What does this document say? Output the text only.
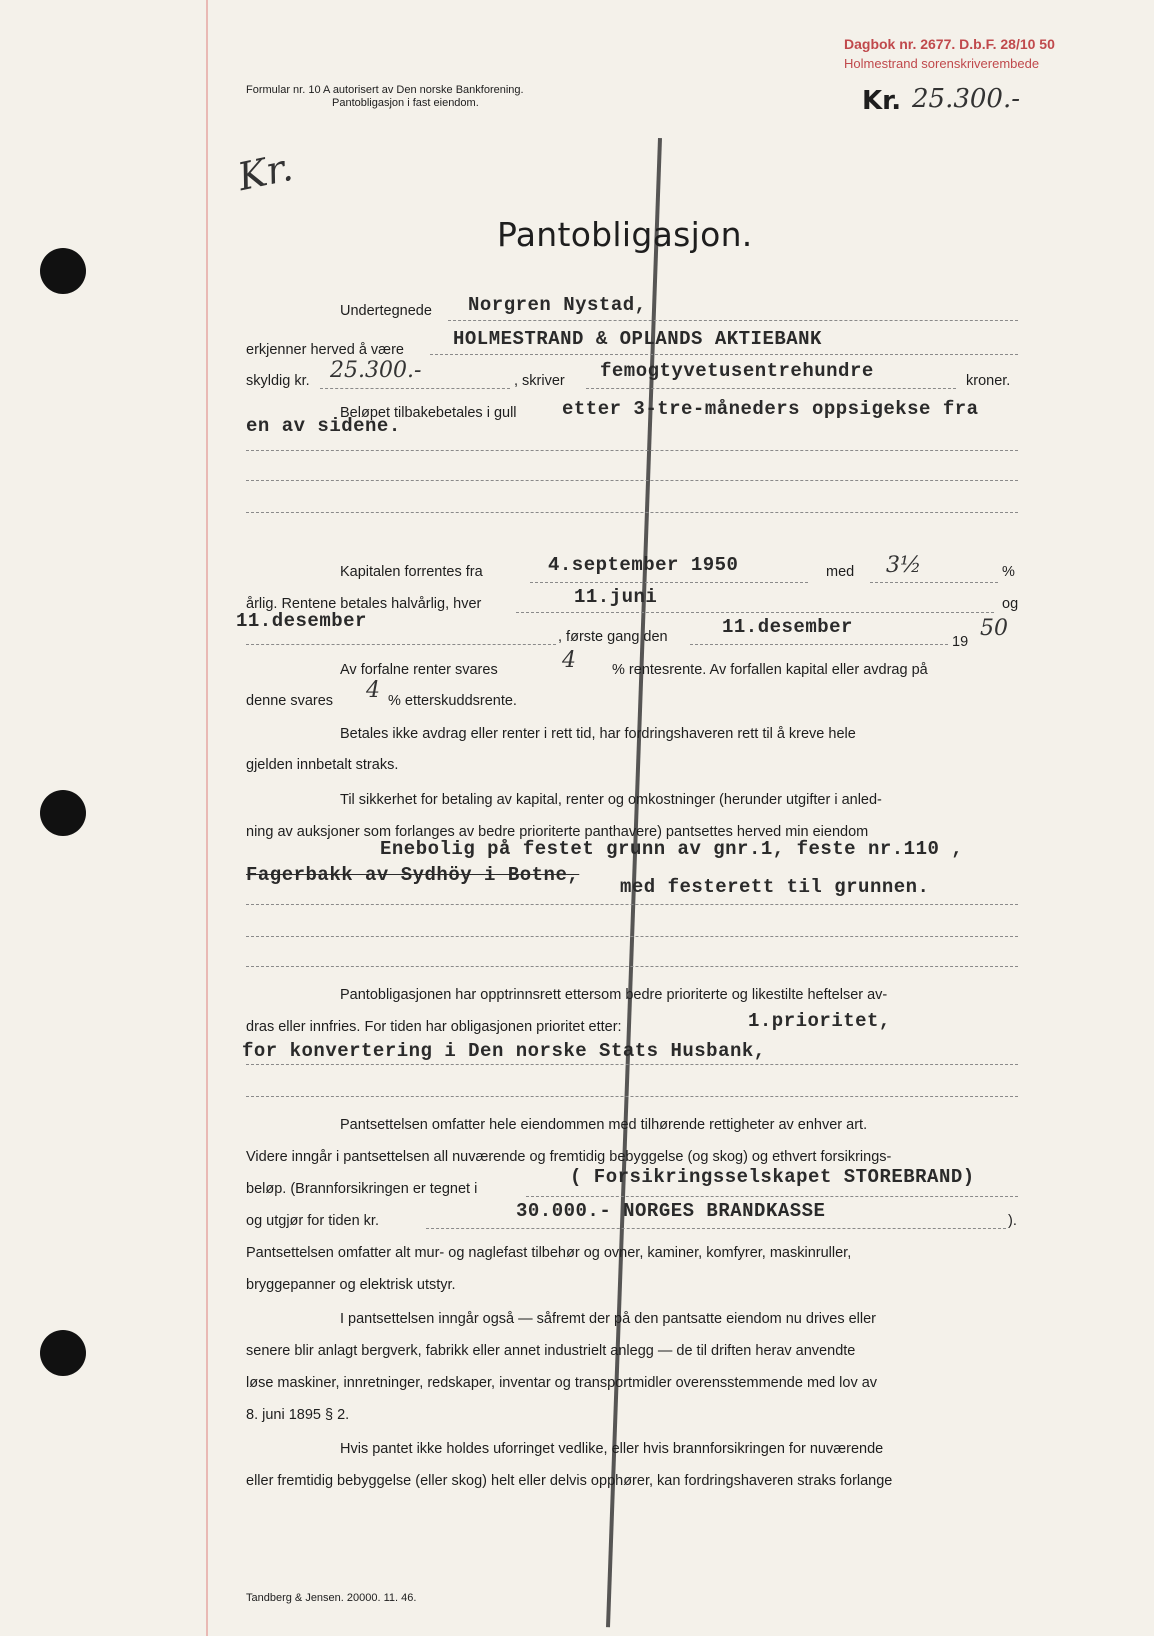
Formular nr. 10 A autorisert av Den norske Bankforening.
Pantobligasjon i fast eiendom.
Dagbok nr. 2677. D.b.F. 28/10 50
Holmestrand sorenskriverembede
Kr. 25.300.-
Kr.
Pantobligasjon.
Undertegnede Norgren Nystad,
erkjenner herved å være	HOLMESTRAND & OPLANDS AKTIEBANK
skyldig kr. 25.300.-	, skriver femogtyvetusentrehundre	kroner.
Beløpet tilbakebetales i gull etter 3-tre-måneders oppsigekse fra
en av sidene.
Kapitalen forrentes fra	4.september 1950	med 3½	%
årlig. Rentene betales halvårlig, hver	11.juni	og
11.desember
, første gang den	11.desember
19
50
Av forfalne renter svares	4 % rentesrente. Av forfallen kapital eller avdrag på
denne svares 4 % etterskuddsrente.
Betales ikke avdrag eller renter i rett tid, har fordringshaveren rett til å kreve hele
gjelden innbetalt straks.
Til sikkerhet for betaling av kapital, renter og omkostninger (herunder utgifter i anled-
ning av auksjoner som forlanges av bedre prioriterte panthavere) pantsettes herved min eiendom
Enebolig på festet grunn av gnr.1, feste nr.110 ,
Fagerbakk av Sydhöy i Botne,
med festerett til grunnen.
Pantobligasjonen har opptrinnsrett ettersom bedre prioriterte og likestilte heftelser av-
dras eller innfries. For tiden har obligasjonen prioritet etter:	1.prioritet,
for konvertering i Den norske Stats Husbank,
Pantsettelsen omfatter hele eiendommen med tilhørende rettigheter av enhver art.
Videre inngår i pantsettelsen all nuværende og fremtidig bebyggelse (og skog) og ethvert forsikrings-
beløp. (Brannforsikringen er tegnet i
( Forsikringsselskapet STOREBRAND)
og utgjør for tiden kr.	30.000.- NORGES BRANDKASSE	).
Pantsettelsen omfatter alt mur- og naglefast tilbehør og ovner, kaminer, komfyrer, maskinruller,
bryggepanner og elektrisk utstyr.
I pantsettelsen inngår også — såfremt der på den pantsatte eiendom nu drives eller
senere blir anlagt bergverk, fabrikk eller annet industrielt anlegg — de til driften herav anvendte
løse maskiner, innretninger, redskaper, inventar og transportmidler overensstemmende med lov av
8. juni 1895 § 2.
Hvis pantet ikke holdes uforringet vedlike, eller hvis brannforsikringen for nuværende
eller fremtidig bebyggelse (eller skog) helt eller delvis opphører, kan fordringshaveren straks forlange
Tandberg & Jensen. 20000. 11. 46.
